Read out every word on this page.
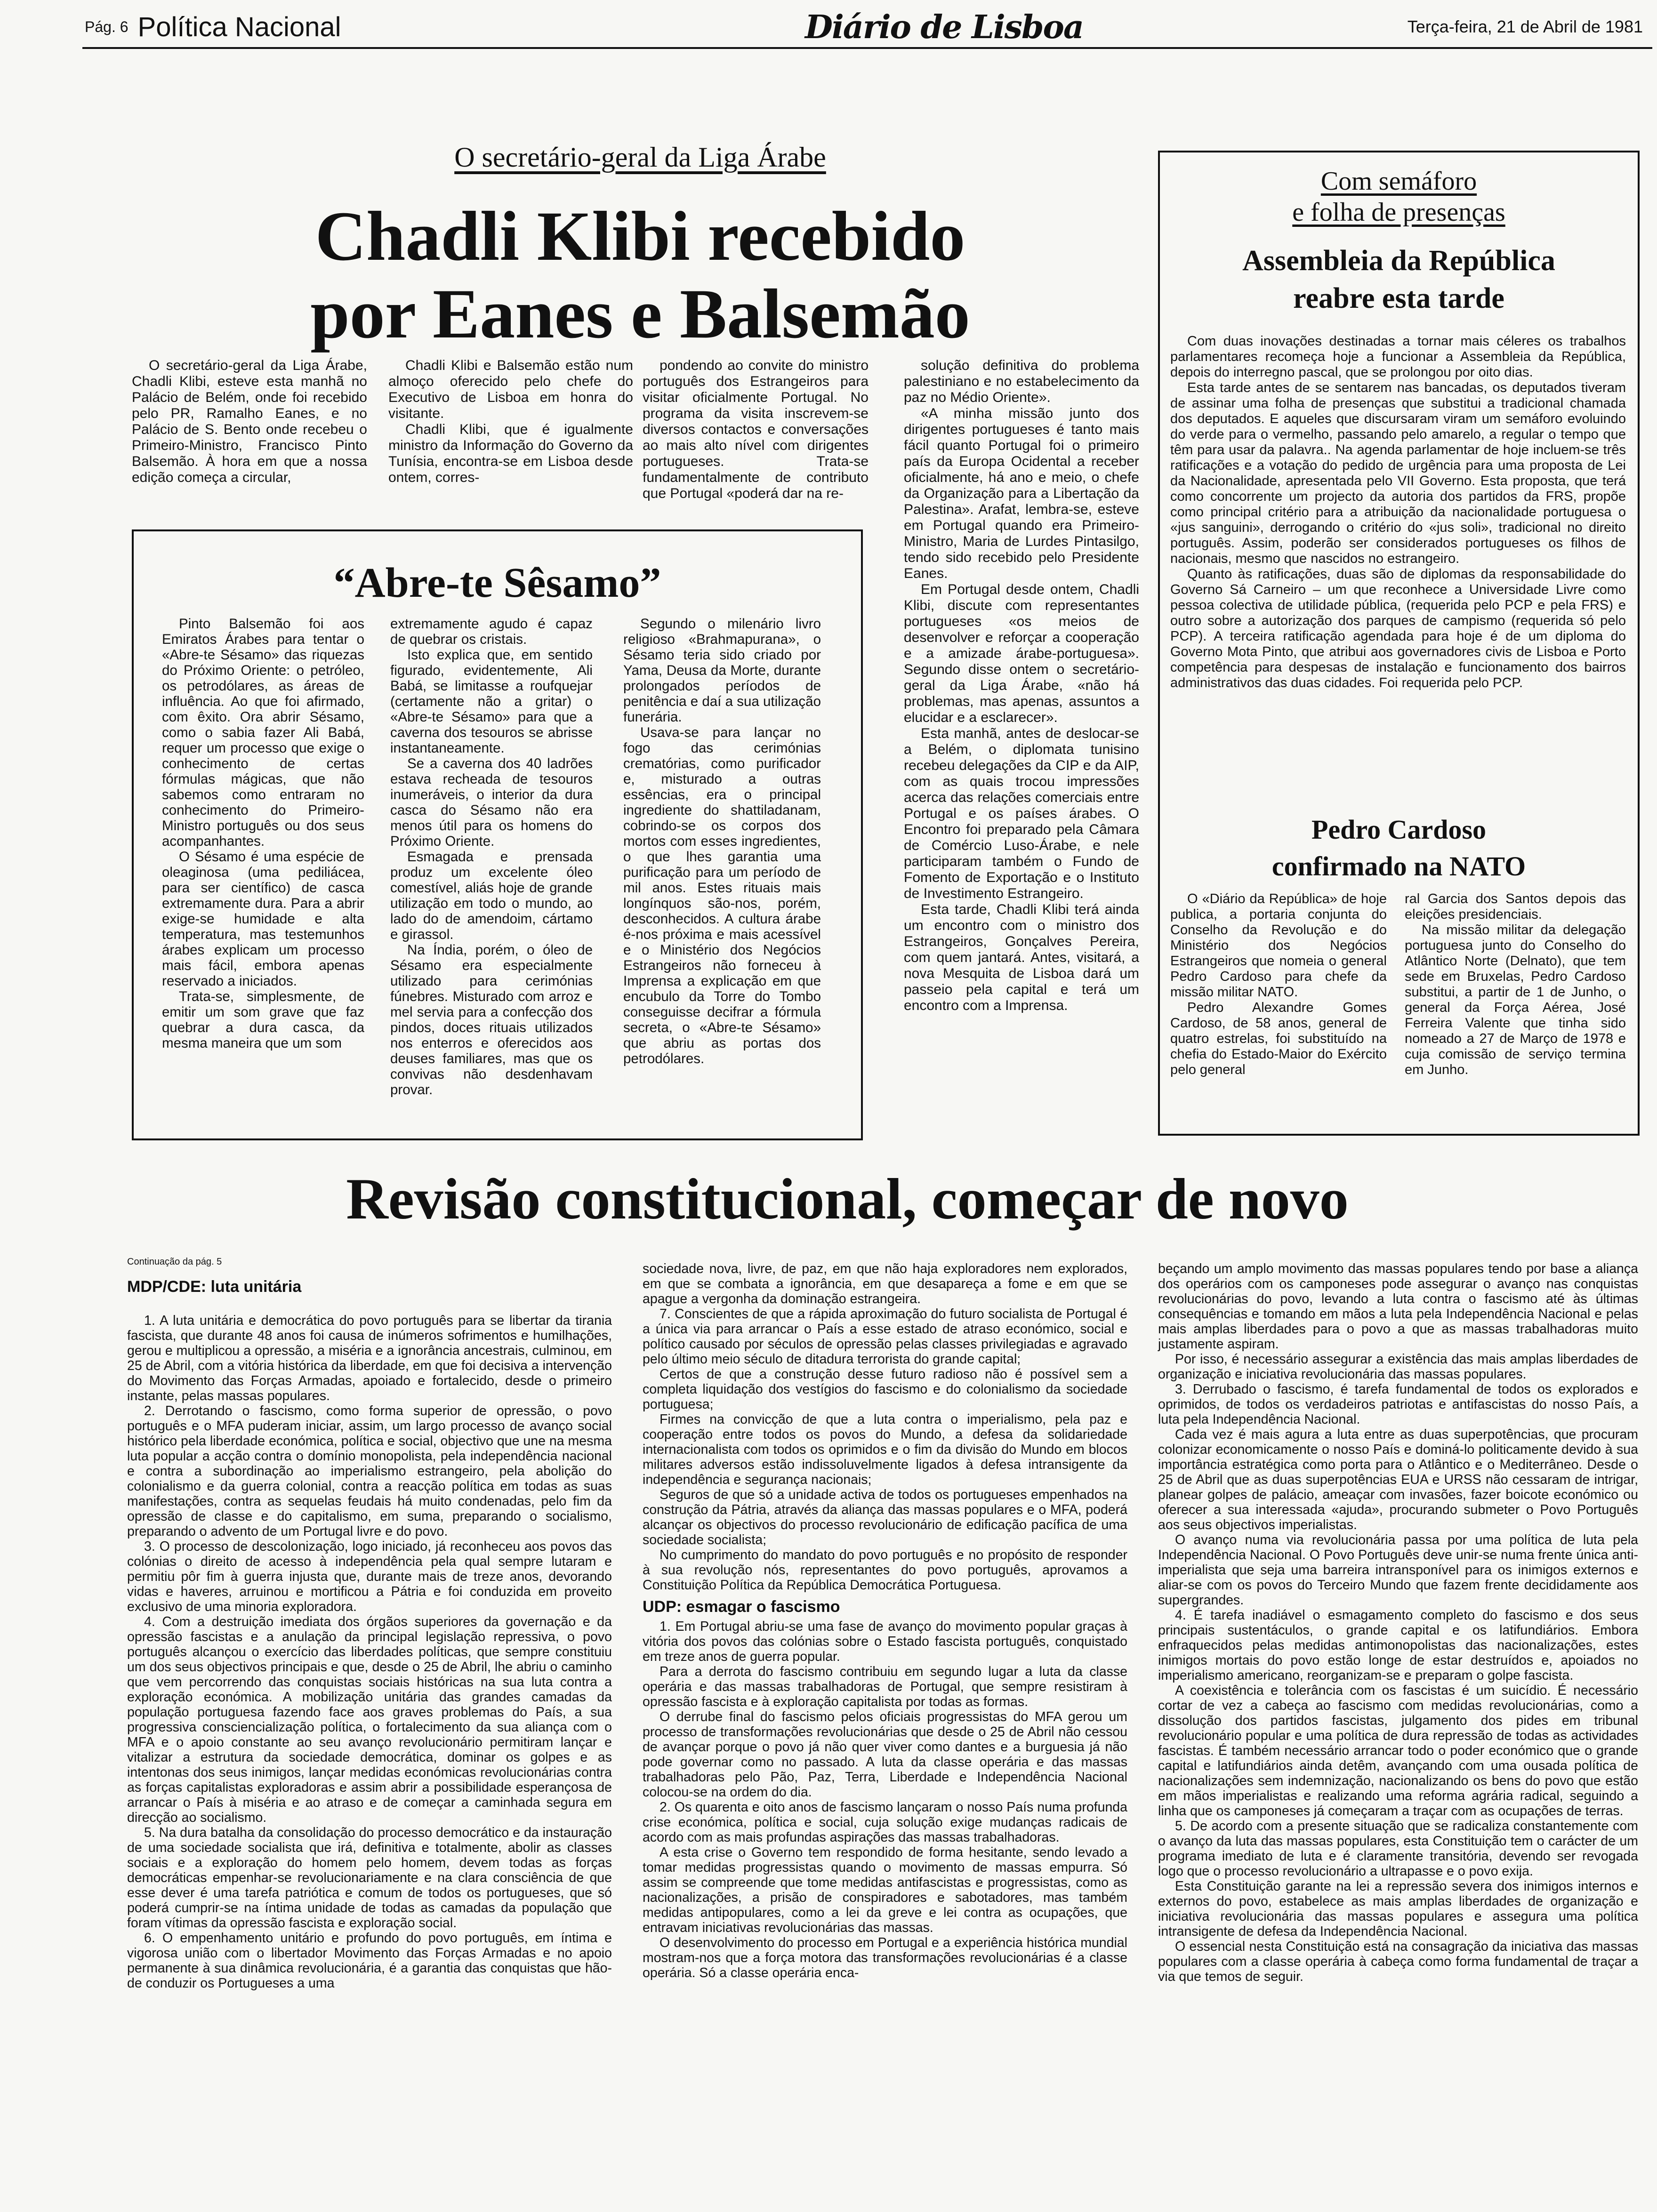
Pág. 6 Política Nacional	Diário de Lisboa	Terça-feira, 21 de Abril de 1981
O secretário-geral da Liga Árabe
Chadli Klibi recebido
por Eanes e Balsemão

O secretário-geral da Liga Árabe, Chadli Klibi, esteve esta manhã no Palácio de Belém, onde foi recebido pelo PR, Ramalho Eanes, e no Palácio de S. Bento onde recebeu o Primeiro-Ministro, Francisco Pinto Balsemão. À hora em que a nossa edição começa a circular,

Chadli Klibi e Balsemão estão num almoço oferecido pelo chefe do Executivo de Lisboa em honra do visitante.

Chadli Klibi, que é igualmente ministro da Informação do Governo da Tunísia, encontra-se em Lisboa desde ontem, corres-

pondendo ao convite do ministro português dos Estrangeiros para visitar oficialmente Portugal. No programa da visita inscrevem-se diversos contactos e conversações ao mais alto nível com dirigentes portugueses. Trata-se fundamentalmente de contributo que Portugal «poderá dar na re-

solução definitiva do problema palestiniano e no estabelecimento da paz no Médio Oriente».

«A minha missão junto dos dirigentes portugueses é tanto mais fácil quanto Portugal foi o primeiro país da Europa Ocidental a receber oficialmente, há ano e meio, o chefe da Organização para a Libertação da Palestina». Arafat, lembra-se, esteve em Portugal quando era Primeiro-Ministro, Maria de Lurdes Pintasilgo, tendo sido recebido pelo Presidente Eanes.

Em Portugal desde ontem, Chadli Klibi, discute com representantes portugueses «os meios de desenvolver e reforçar a cooperação e a amizade árabe-portuguesa». Segundo disse ontem o secretário-geral da Liga Árabe, «não há problemas, mas apenas, assuntos a elucidar e a esclarecer».

Esta manhã, antes de deslocar-se a Belém, o diplomata tunisino recebeu delegações da CIP e da AIP, com as quais trocou impressões acerca das relações comerciais entre Portugal e os países árabes. O Encontro foi preparado pela Câmara de Comércio Luso-Árabe, e nele participaram também o Fundo de Fomento de Exportação e o Instituto de Investimento Estrangeiro.

Esta tarde, Chadli Klibi terá ainda um encontro com o ministro dos Estrangeiros, Gonçalves Pereira, com quem jantará. Antes, visitará, a nova Mesquita de Lisboa dará um passeio pela capital e terá um encontro com a Imprensa.

“Abre-te Sêsamo”

Pinto Balsemão foi aos Emiratos Árabes para tentar o «Abre-te Sésamo» das riquezas do Próximo Oriente: o petróleo, os petrodólares, as áreas de influência. Ao que foi afirmado, com êxito. Ora abrir Sésamo, como o sabia fazer Ali Babá, requer um processo que exige o conhecimento de certas fórmulas mágicas, que não sabemos como entraram no conhecimento do Primeiro-Ministro português ou dos seus acompanhantes.

O Sésamo é uma espécie de oleaginosa (uma pediliácea, para ser científico) de casca extremamente dura. Para a abrir exige-se humidade e alta temperatura, mas testemunhos árabes explicam um processo mais fácil, embora apenas reservado a iniciados.

Trata-se, simplesmente, de emitir um som grave que faz quebrar a dura casca, da mesma maneira que um som

extremamente agudo é capaz de quebrar os cristais.

Isto explica que, em sentido figurado, evidentemente, Ali Babá, se limitasse a roufquejar (certamente não a gritar) o «Abre-te Sésamo» para que a caverna dos tesouros se abrisse instantaneamente.

Se a caverna dos 40 ladrões estava recheada de tesouros inumeráveis, o interior da dura casca do Sésamo não era menos útil para os homens do Próximo Oriente.

Esmagada e prensada produz um excelente óleo comestível, aliás hoje de grande utilização em todo o mundo, ao lado do de amendoim, cártamo e girassol.

Na Índia, porém, o óleo de Sésamo era especialmente utilizado para cerimónias fúnebres. Misturado com arroz e mel servia para a confecção dos pindos, doces rituais utilizados nos enterros e oferecidos aos deuses familiares, mas que os convivas não desdenhavam provar.

Segundo o milenário livro religioso «Brahmapurana», o Sésamo teria sido criado por Yama, Deusa da Morte, durante prolongados períodos de penitência e daí a sua utilização funerária.

Usava-se para lançar no fogo das cerimónias crematórias, como purificador e, misturado a outras essências, era o principal ingrediente do shattiladanam, cobrindo-se os corpos dos mortos com esses ingredientes, o que lhes garantia uma purificação para um período de mil anos. Estes rituais mais longínquos são-nos, porém, desconhecidos. A cultura árabe é-nos próxima e mais acessível e o Ministério dos Negócios Estrangeiros não forneceu à Imprensa a explicação em que encubulo da Torre do Tombo conseguisse decifrar a fórmula secreta, o «Abre-te Sésamo» que abriu as portas dos petrodólares.

Com semáforo
e folha de presenças
Assembleia da República
reabre esta tarde

Com duas inovações destinadas a tornar mais céleres os trabalhos parlamentares recomeça hoje a funcionar a Assembleia da República, depois do interregno pascal, que se prolongou por oito dias.

Esta tarde antes de se sentarem nas bancadas, os deputados tiveram de assinar uma folha de presenças que substitui a tradicional chamada dos deputados. E aqueles que discursaram viram um semáforo evoluindo do verde para o vermelho, passando pelo amarelo, a regular o tempo que têm para usar da palavra.. Na agenda parlamentar de hoje incluem-se três ratificações e a votação do pedido de urgência para uma proposta de Lei da Nacionalidade, apresentada pelo VII Governo. Esta proposta, que terá como concorrente um projecto da autoria dos partidos da FRS, propõe como principal critério para a atribuição da nacionalidade portuguesa o «jus sanguini», derrogando o critério do «jus soli», tradicional no direito português. Assim, poderão ser considerados portugueses os filhos de nacionais, mesmo que nascidos no estrangeiro.

Quanto às ratificações, duas são de diplomas da responsabilidade do Governo Sá Carneiro – um que reconhece a Universidade Livre como pessoa colectiva de utilidade pública, (requerida pelo PCP e pela FRS) e outro sobre a autorização dos parques de campismo (requerida só pelo PCP). A terceira ratificação agendada para hoje é de um diploma do Governo Mota Pinto, que atribui aos governadores civis de Lisboa e Porto competência para despesas de instalação e funcionamento dos bairros administrativos das duas cidades. Foi requerida pelo PCP.

Pedro Cardoso
confirmado na NATO

O «Diário da República» de hoje publica, a portaria conjunta do Conselho da Revolução e do Ministério dos Negócios Estrangeiros que nomeia o general Pedro Cardoso para chefe da missão militar NATO.

Pedro Alexandre Gomes Cardoso, de 58 anos, general de quatro estrelas, foi substituído na chefia do Estado-Maior do Exército pelo general

ral Garcia dos Santos depois das eleições presidenciais.

Na missão militar da delegação portuguesa junto do Conselho do Atlântico Norte (Delnato), que tem sede em Bruxelas, Pedro Cardoso substitui, a partir de 1 de Junho, o general da Força Aérea, José Ferreira Valente que tinha sido nomeado a 27 de Março de 1978 e cuja comissão de serviço termina em Junho.

Revisão constitucional, começar de novo
Continuação da pág. 5
MDP/CDE: luta unitária

1. A luta unitária e democrática do povo português para se libertar da tirania fascista, que durante 48 anos foi causa de inúmeros sofrimentos e humilhações, gerou e multiplicou a opressão, a miséria e a ignorância ancestrais, culminou, em 25 de Abril, com a vitória histórica da liberdade, em que foi decisiva a intervenção do Movimento das Forças Armadas, apoiado e fortalecido, desde o primeiro instante, pelas massas populares.

2. Derrotando o fascismo, como forma superior de opressão, o povo português e o MFA puderam iniciar, assim, um largo processo de avanço social histórico pela liberdade económica, política e social, objectivo que une na mesma luta popular a acção contra o domínio monopolista, pela independência nacional e contra a subordinação ao imperialismo estrangeiro, pela abolição do colonialismo e da guerra colonial, contra a reacção política em todas as suas manifestações, contra as sequelas feudais há muito condenadas, pelo fim da opressão de classe e do capitalismo, em suma, preparando o socialismo, preparando o advento de um Portugal livre e do povo.

3. O processo de descolonização, logo iniciado, já reconheceu aos povos das colónias o direito de acesso à independência pela qual sempre lutaram e permitiu pôr fim à guerra injusta que, durante mais de treze anos, devorando vidas e haveres, arruinou e mortificou a Pátria e foi conduzida em proveito exclusivo de uma minoria exploradora.

4. Com a destruição imediata dos órgãos superiores da governação e da opressão fascistas e a anulação da principal legislação repressiva, o povo português alcançou o exercício das liberdades políticas, que sempre constituiu um dos seus objectivos principais e que, desde o 25 de Abril, lhe abriu o caminho que vem percorrendo das conquistas sociais históricas na sua luta contra a exploração económica. A mobilização unitária das grandes camadas da população portuguesa fazendo face aos graves problemas do País, a sua progressiva consciencialização política, o fortalecimento da sua aliança com o MFA e o apoio constante ao seu avanço revolucionário permitiram lançar e vitalizar a estrutura da sociedade democrática, dominar os golpes e as intentonas dos seus inimigos, lançar medidas económicas revolucionárias contra as forças capitalistas exploradoras e assim abrir a possibilidade esperançosa de arrancar o País à miséria e ao atraso e de começar a caminhada segura em direcção ao socialismo.

5. Na dura batalha da consolidação do processo democrático e da instauração de uma sociedade socialista que irá, definitiva e totalmente, abolir as classes sociais e a exploração do homem pelo homem, devem todas as forças democráticas empenhar-se revolucionariamente e na clara consciência de que esse dever é uma tarefa patriótica e comum de todos os portugueses, que só poderá cumprir-se na íntima unidade de todas as camadas da população que foram vítimas da opressão fascista e exploração social.

6. O empenhamento unitário e profundo do povo português, em íntima e vigorosa união com o libertador Movimento das Forças Armadas e no apoio permanente à sua dinâmica revolucionária, é a garantia das conquistas que hão-de conduzir os Portugueses a uma

sociedade nova, livre, de paz, em que não haja exploradores nem explorados, em que se combata a ignorância, em que desapareça a fome e em que se apague a vergonha da dominação estrangeira.

7. Conscientes de que a rápida aproximação do futuro socialista de Portugal é a única via para arrancar o País a esse estado de atraso económico, social e político causado por séculos de opressão pelas classes privilegiadas e agravado pelo último meio século de ditadura terrorista do grande capital;

Certos de que a construção desse futuro radioso não é possível sem a completa liquidação dos vestígios do fascismo e do colonialismo da sociedade portuguesa;

Firmes na convicção de que a luta contra o imperialismo, pela paz e cooperação entre todos os povos do Mundo, a defesa da solidariedade internacionalista com todos os oprimidos e o fim da divisão do Mundo em blocos militares adversos estão indissoluvelmente ligados à defesa intransigente da independência e segurança nacionais;

Seguros de que só a unidade activa de todos os portugueses empenhados na construção da Pátria, através da aliança das massas populares e o MFA, poderá alcançar os objectivos do processo revolucionário de edificação pacífica de uma sociedade socialista;

No cumprimento do mandato do povo português e no propósito de responder à sua revolução nós, representantes do povo português, aprovamos a Constituição Política da República Democrática Portuguesa.

UDP: esmagar o fascismo

1. Em Portugal abriu-se uma fase de avanço do movimento popular graças à vitória dos povos das colónias sobre o Estado fascista português, conquistado em treze anos de guerra popular.

Para a derrota do fascismo contribuiu em segundo lugar a luta da classe operária e das massas trabalhadoras de Portugal, que sempre resistiram à opressão fascista e à exploração capitalista por todas as formas.

O derrube final do fascismo pelos oficiais progressistas do MFA gerou um processo de transformações revolucionárias que desde o 25 de Abril não cessou de avançar porque o povo já não quer viver como dantes e a burguesia já não pode governar como no passado. A luta da classe operária e das massas trabalhadoras pelo Pão, Paz, Terra, Liberdade e Independência Nacional colocou-se na ordem do dia.

2. Os quarenta e oito anos de fascismo lançaram o nosso País numa profunda crise económica, política e social, cuja solução exige mudanças radicais de acordo com as mais profundas aspirações das massas trabalhadoras.

A esta crise o Governo tem respondido de forma hesitante, sendo levado a tomar medidas progressistas quando o movimento de massas empurra. Só assim se compreende que tome medidas antifascistas e progressistas, como as nacionalizações, a prisão de conspiradores e sabotadores, mas também medidas antipopulares, como a lei da greve e lei contra as ocupações, que entravam iniciativas revolucionárias das massas.

O desenvolvimento do processo em Portugal e a experiência histórica mundial mostram-nos que a força motora das transformações revolucionárias é a classe operária. Só a classe operária enca-

beçando um amplo movimento das massas populares tendo por base a aliança dos operários com os camponeses pode assegurar o avanço nas conquistas revolucionárias do povo, levando a luta contra o fascismo até às últimas consequências e tomando em mãos a luta pela Independência Nacional e pelas mais amplas liberdades para o povo a que as massas trabalhadoras muito justamente aspiram.

Por isso, é necessário assegurar a existência das mais amplas liberdades de organização e iniciativa revolucionária das massas populares.

3. Derrubado o fascismo, é tarefa fundamental de todos os explorados e oprimidos, de todos os verdadeiros patriotas e antifascistas do nosso País, a luta pela Independência Nacional.

Cada vez é mais agura a luta entre as duas superpotências, que procuram colonizar economicamente o nosso País e dominá-lo politicamente devido à sua importância estratégica como porta para o Atlântico e o Mediterrâneo. Desde o 25 de Abril que as duas superpotências EUA e URSS não cessaram de intrigar, planear golpes de palácio, ameaçar com invasões, fazer boicote económico ou oferecer a sua interessada «ajuda», procurando submeter o Povo Português aos seus objectivos imperialistas.

O avanço numa via revolucionária passa por uma política de luta pela Independência Nacional. O Povo Português deve unir-se numa frente única anti-imperialista que seja uma barreira intransponível para os inimigos externos e aliar-se com os povos do Terceiro Mundo que fazem frente decididamente aos supergrandes.

4. É tarefa inadiável o esmagamento completo do fascismo e dos seus principais sustentáculos, o grande capital e os latifundiários. Embora enfraquecidos pelas medidas antimonopolistas das nacionalizações, estes inimigos mortais do povo estão longe de estar destruídos e, apoiados no imperialismo americano, reorganizam-se e preparam o golpe fascista.

A coexistência e tolerância com os fascistas é um suicídio. É necessário cortar de vez a cabeça ao fascismo com medidas revolucionárias, como a dissolução dos partidos fascistas, julgamento dos pides em tribunal revolucionário popular e uma política de dura repressão de todas as actividades fascistas. É também necessário arrancar todo o poder económico que o grande capital e latifundiários ainda detêm, avançando com uma ousada política de nacionalizações sem indemnização, nacionalizando os bens do povo que estão em mãos imperialistas e realizando uma reforma agrária radical, seguindo a linha que os camponeses já começaram a traçar com as ocupações de terras.

5. De acordo com a presente situação que se radicaliza constantemente com o avanço da luta das massas populares, esta Constituição tem o carácter de um programa imediato de luta e é claramente transitória, devendo ser revogada logo que o processo revolucionário a ultrapasse e o povo exija.

Esta Constituição garante na lei a repressão severa dos inimigos internos e externos do povo, estabelece as mais amplas liberdades de organização e iniciativa revolucionária das massas populares e assegura uma política intransigente de defesa da Independência Nacional.

O essencial nesta Constituição está na consagração da iniciativa das massas populares com a classe operária à cabeça como forma fundamental de traçar a via que temos de seguir.
